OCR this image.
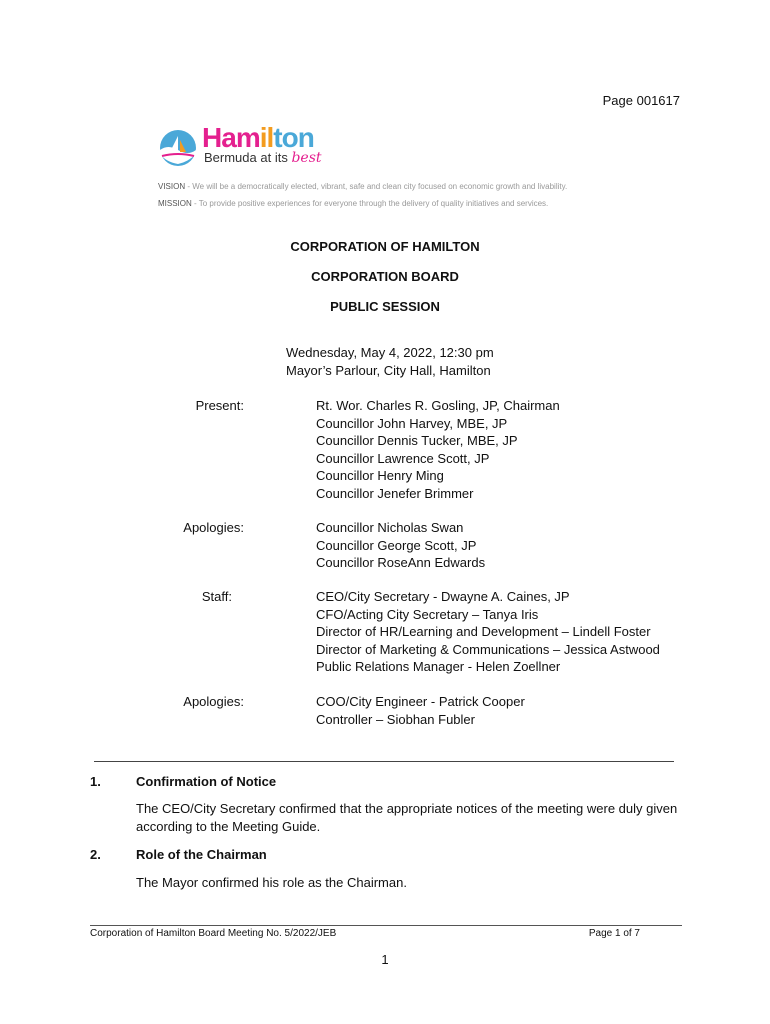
Page 001617
Hamilton
Bermuda at its best
VISION - We will be a democratically elected, vibrant, safe and clean city focused on economic growth and livability.
MISSION - To provide positive experiences for everyone through the delivery of quality initiatives and services.
CORPORATION OF HAMILTON
CORPORATION BOARD
PUBLIC SESSION
Wednesday, May 4, 2022, 12:30 pm
Mayor’s Parlour, City Hall, Hamilton
Present:	Rt. Wor. Charles R. Gosling, JP, Chairman
Councillor John Harvey, MBE, JP
Councillor Dennis Tucker, MBE, JP
Councillor Lawrence Scott, JP
Councillor Henry Ming
Councillor Jenefer Brimmer
Apologies:	Councillor Nicholas Swan
Councillor George Scott, JP
Councillor RoseAnn Edwards
Staff:	CEO/City Secretary - Dwayne A. Caines, JP
CFO/Acting City Secretary – Tanya Iris
Director of HR/Learning and Development – Lindell Foster
Director of Marketing & Communications – Jessica Astwood
Public Relations Manager - Helen Zoellner
Apologies:	COO/City Engineer - Patrick Cooper
Controller – Siobhan Fubler
1.	Confirmation of Notice
The CEO/City Secretary confirmed that the appropriate notices of the meeting were duly given according to the Meeting Guide.
2.	Role of the Chairman
The Mayor confirmed his role as the Chairman.
Corporation of Hamilton Board Meeting No. 5/2022/JEB	Page 1 of 7
1
